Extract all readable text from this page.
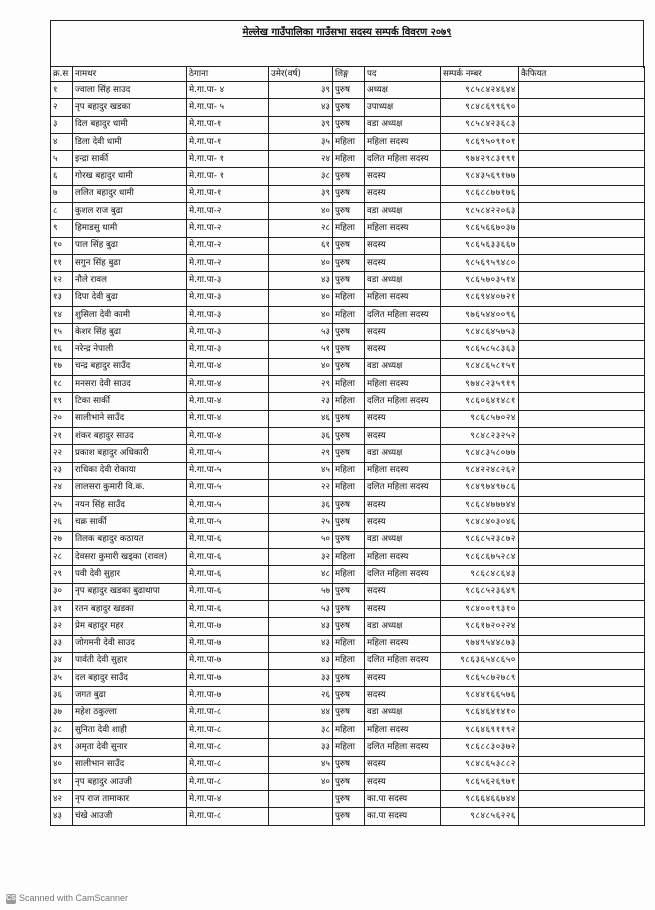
मेल्लेख गाउँपालिका गाउँसभा सदस्य सम्पर्क विवरण २०७९
क्र.स	नामथर	ठेगाना	उमेर(वर्ष)	लिङ्ग	पद	सम्पर्क नम्बर	कैफियत
१	ज्वाला सिंह साउद	मे.गा.पा- ४	३९	पुरुष	अध्यक्ष	९८५८४२४६४४	
२	नृप बहादुर खडका	मे.गा.पा- ५	४३	पुरुष	उपाध्यक्ष	९८४८६९९६९०	
३	दिल बहादुर धामी	मे.गा.पा-१	३९	पुरुष	वडा अध्यक्ष	९८५८४२३६८३	
४	डिला देवी धामी	मे.गा.पा-१	३५	महिला	महिला सदस्य	९८६९५०९१०१	
५	इन्द्रा सार्की	मे.गा.पा- १	२४	महिला	दलित महिला सदस्य	९७४२९८३१९१	
६	गोरख बहादुर धामी	मे.गा.पा- १	३८	पुरुष	सदस्य	९८४३५६९१७७	
७	ललित बहादुर धामी	मे.गा.पा-१	३९	पुरुष	सदस्य	९८६८८७७१७६	
८	कुशल राज बुढा	मे.गा.पा-२	४०	पुरुष	वडा अध्यक्ष	९८५८४२२०६३	
९	हिमाडसु धामी	मे.गा.पा-२	२८	महिला	महिला सदस्य	९८६५६६७०३७	
१०	पाल सिंह बुढा	मे.गा.पा-२	६१	पुरुष	सदस्य	९८६५६३३६६७	
११	सगुन सिंह बुढा	मे.गा.पा-२	४०	पुरुष	सदस्य	९८५६९५९४८०	
१२	नौले रावल	मे.गा.पा-३	४३	पुरुष	वडा अध्यक्ष	९८६५७०३५१४	
१३	दिपा देवी बुढा	मे.गा.पा-३	४०	महिला	महिला सदस्य	९८६९४४०७२१	
१४	शुसिला देवी कामी	मे.गा.पा-३	४०	महिला	दलित महिला सदस्य	९७६५४४००९६	
१५	केशर सिंह बुढा	मे.गा.पा-३	५३	पुरुष	सदस्य	९८४८६४५७५३	
१६	नरेन्द्र नेपाली	मे.गा.पा-३	५१	पुरुष	सदस्य	९८६५८५८३६३	
१७	चन्द्र बहादुर साउँद	मे.गा.पा-४	४०	पुरुष	वडा अध्यक्ष	९८४८६५८१५१	
१८	मनसरा देवी साउद	मे.गा.पा-४	२९	महिला	महिला सदस्य	९७४८२३५९१९	
१९	टिका सार्की	मे.गा.पा-४	२३	महिला	दलित महिला सदस्य	९८६०६४१४८१	
२०	सालीभाने साउँद	मे.गा.पा-४	४६	पुरुष	सदस्य	९८६८५७०२४	
२१	शंकर बहादुर साउद	मे.गा.पा-४	३६	पुरुष	सदस्य	९८४८२३२५२	
२२	प्रकाश बहादुर अधिकारी	मे.गा.पा-५	२९	पुरुष	वडा अध्यक्ष	९८४८३५८०७७	
२३	राधिका देवी रोकाया	मे.गा.पा-५	४५	महिला	महिला सदस्य	९८४२२४८२६२	
२४	लालसरा कुमारी वि.क.	मे.गा.पा-५	२२	महिला	दलित महिला सदस्य	९८४९७४९७८६	
२५	नयन सिंह साउँद	मे.गा.पा-५	३६	पुरुष	सदस्य	९८६८४७७७४४	
२६	चक्र सार्की	मे.गा.पा-५	२५	पुरुष	सदस्य	९८४८४०३०४६	
२७	तिलक बहादुर कठायत	मे.गा.पा-६	५०	पुरुष	वडा अध्यक्ष	९८६८५२३८७२	
२८	देवसरा कुमारी खड्का (रावल)	मे.गा.पा-६	३२	महिला	महिला सदस्य	९८६८६७५२८४	
२९	पवी देवी सुहार	मे.गा.पा-६	४८	महिला	दलित महिला सदस्य	९८६८४८६४३	
३०	नृप बहादुर खडका बुढाथापा	मे.गा.पा-६	५७	पुरुष	सदस्य	९८६८५२३६४९	
३१	रतन बहादुर खडका	मे.गा.पा-६	५३	पुरुष	सदस्य	९८४००१९३१०	
३२	प्रेम बहादुर महर	मे.गा.पा-७	४३	पुरुष	वडा अध्यक्ष	९८६१७२०२२४	
३३	जोगमनी देवी साउद	मे.गा.पा-७	४३	महिला	महिला सदस्य	९७४९५४४८७३	
३४	पार्वती देवी सुहार	मे.गा.पा-७	४३	महिला	दलित महिला सदस्य	९८६३६५४८६५०	
३५	दल बहादुर साउँद	मे.गा.पा-७	३३	पुरुष	सदस्य	९८६५८७२७८९	
३६	जगत बुढा	मे.गा.पा-७	२६	पुरुष	सदस्य	९८४४१६६५७६	
३७	महेश ठकुल्ला	मे.गा.पा-८	४४	पुरुष	वडा अध्यक्ष	९८६४६४१४१०	
३८	सुनिता देवी शाही	मे.गा.पा-८	३८	महिला	महिला सदस्य	९८६४६९११९२	
३९	अमृता देवी सुनार	मे.गा.पा-८	३३	महिला	दलित महिला सदस्य	९८६८८३०३७२	
४०	सालीभान साउँद	मे.गा.पा-८	४५	पुरुष	सदस्य	९८४८६५३८८२	
४१	नृप बहादुर आउजी	मे.गा.पा-८	४०	पुरुष	सदस्य	९८६५६२६९७१	
४२	नृप राज तामाकार	मे.गा.पा-४		पुरुष	का.पा सदस्य	९८६६४६६७४४	
४३	चंखे आउजी	मे.गा.पा-८		पुरुष	का.पा सदस्य	९८४८५६२२६	
CS Scanned with CamScanner
